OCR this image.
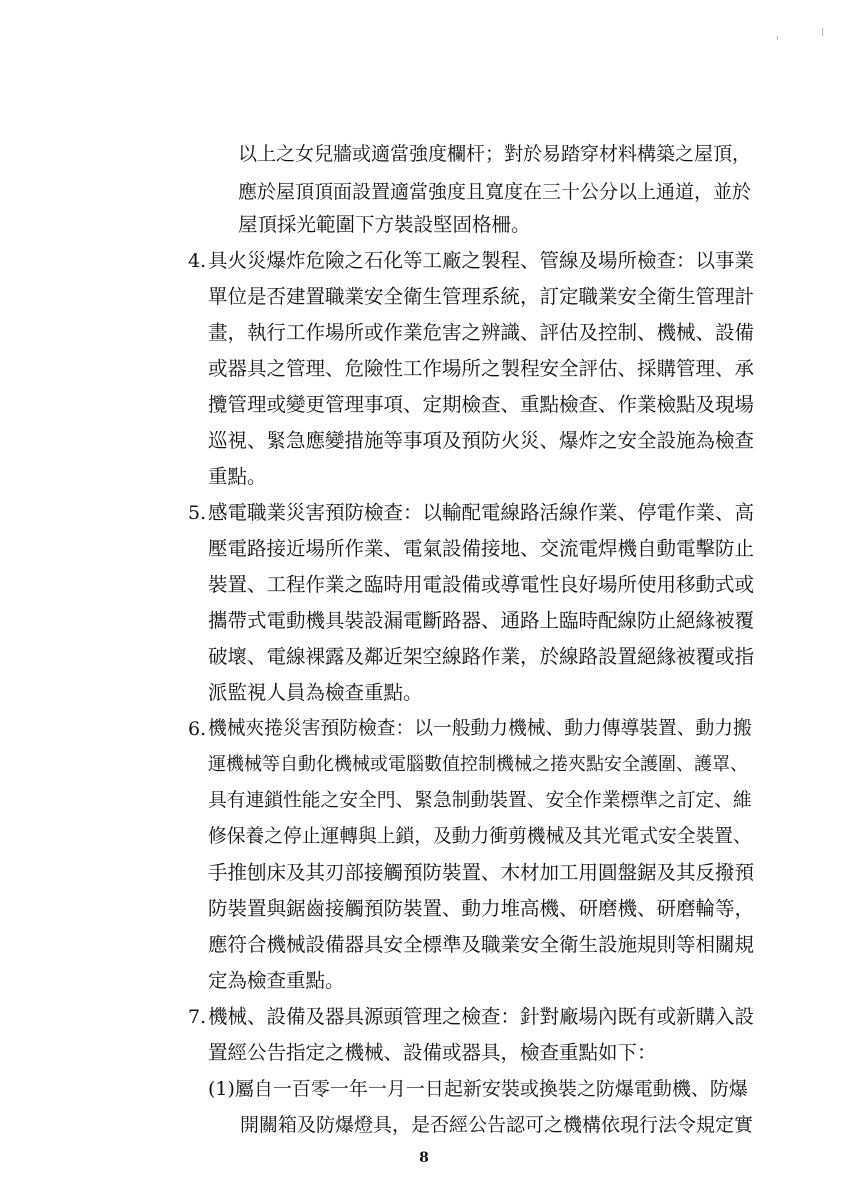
以上之女兒牆或適當強度欄杆；對於易踏穿材料構築之屋頂，
應於屋頂頂面設置適當強度且寬度在三十公分以上通道，並於
屋頂採光範圍下方裝設堅固格柵。
4. 具火災爆炸危險之石化等工廠之製程、管線及場所檢查：以事業
單位是否建置職業安全衛生管理系統，訂定職業安全衛生管理計
畫，執行工作場所或作業危害之辨識、評估及控制、機械、設備
或器具之管理、危險性工作場所之製程安全評估、採購管理、承
攬管理或變更管理事項、定期檢查、重點檢查、作業檢點及現場
巡視、緊急應變措施等事項及預防火災、爆炸之安全設施為檢查
重點。
5. 感電職業災害預防檢查：以輸配電線路活線作業、停電作業、高
壓電路接近場所作業、電氣設備接地、交流電焊機自動電擊防止
裝置、工程作業之臨時用電設備或導電性良好場所使用移動式或
攜帶式電動機具裝設漏電斷路器、通路上臨時配線防止絕緣被覆
破壞、電線裸露及鄰近架空線路作業，於線路設置絕緣被覆或指
派監視人員為檢查重點。
6. 機械夾捲災害預防檢查：以一般動力機械、動力傳導裝置、動力搬
運機械等自動化機械或電腦數值控制機械之捲夾點安全護圍、護罩、
具有連鎖性能之安全門、緊急制動裝置、安全作業標準之訂定、維
修保養之停止運轉與上鎖，及動力衝剪機械及其光電式安全裝置、
手推刨床及其刃部接觸預防裝置、木材加工用圓盤鋸及其反撥預
防裝置與鋸齒接觸預防裝置、動力堆高機、研磨機、研磨輪等，
應符合機械設備器具安全標準及職業安全衛生設施規則等相關規
定為檢查重點。
7. 機械、設備及器具源頭管理之檢查：針對廠場內既有或新購入設
置經公告指定之機械、設備或器具，檢查重點如下：
(1)屬自一百零一年一月一日起新安裝或換裝之防爆電動機、防爆
開關箱及防爆燈具，是否經公告認可之機構依現行法令規定實
8
